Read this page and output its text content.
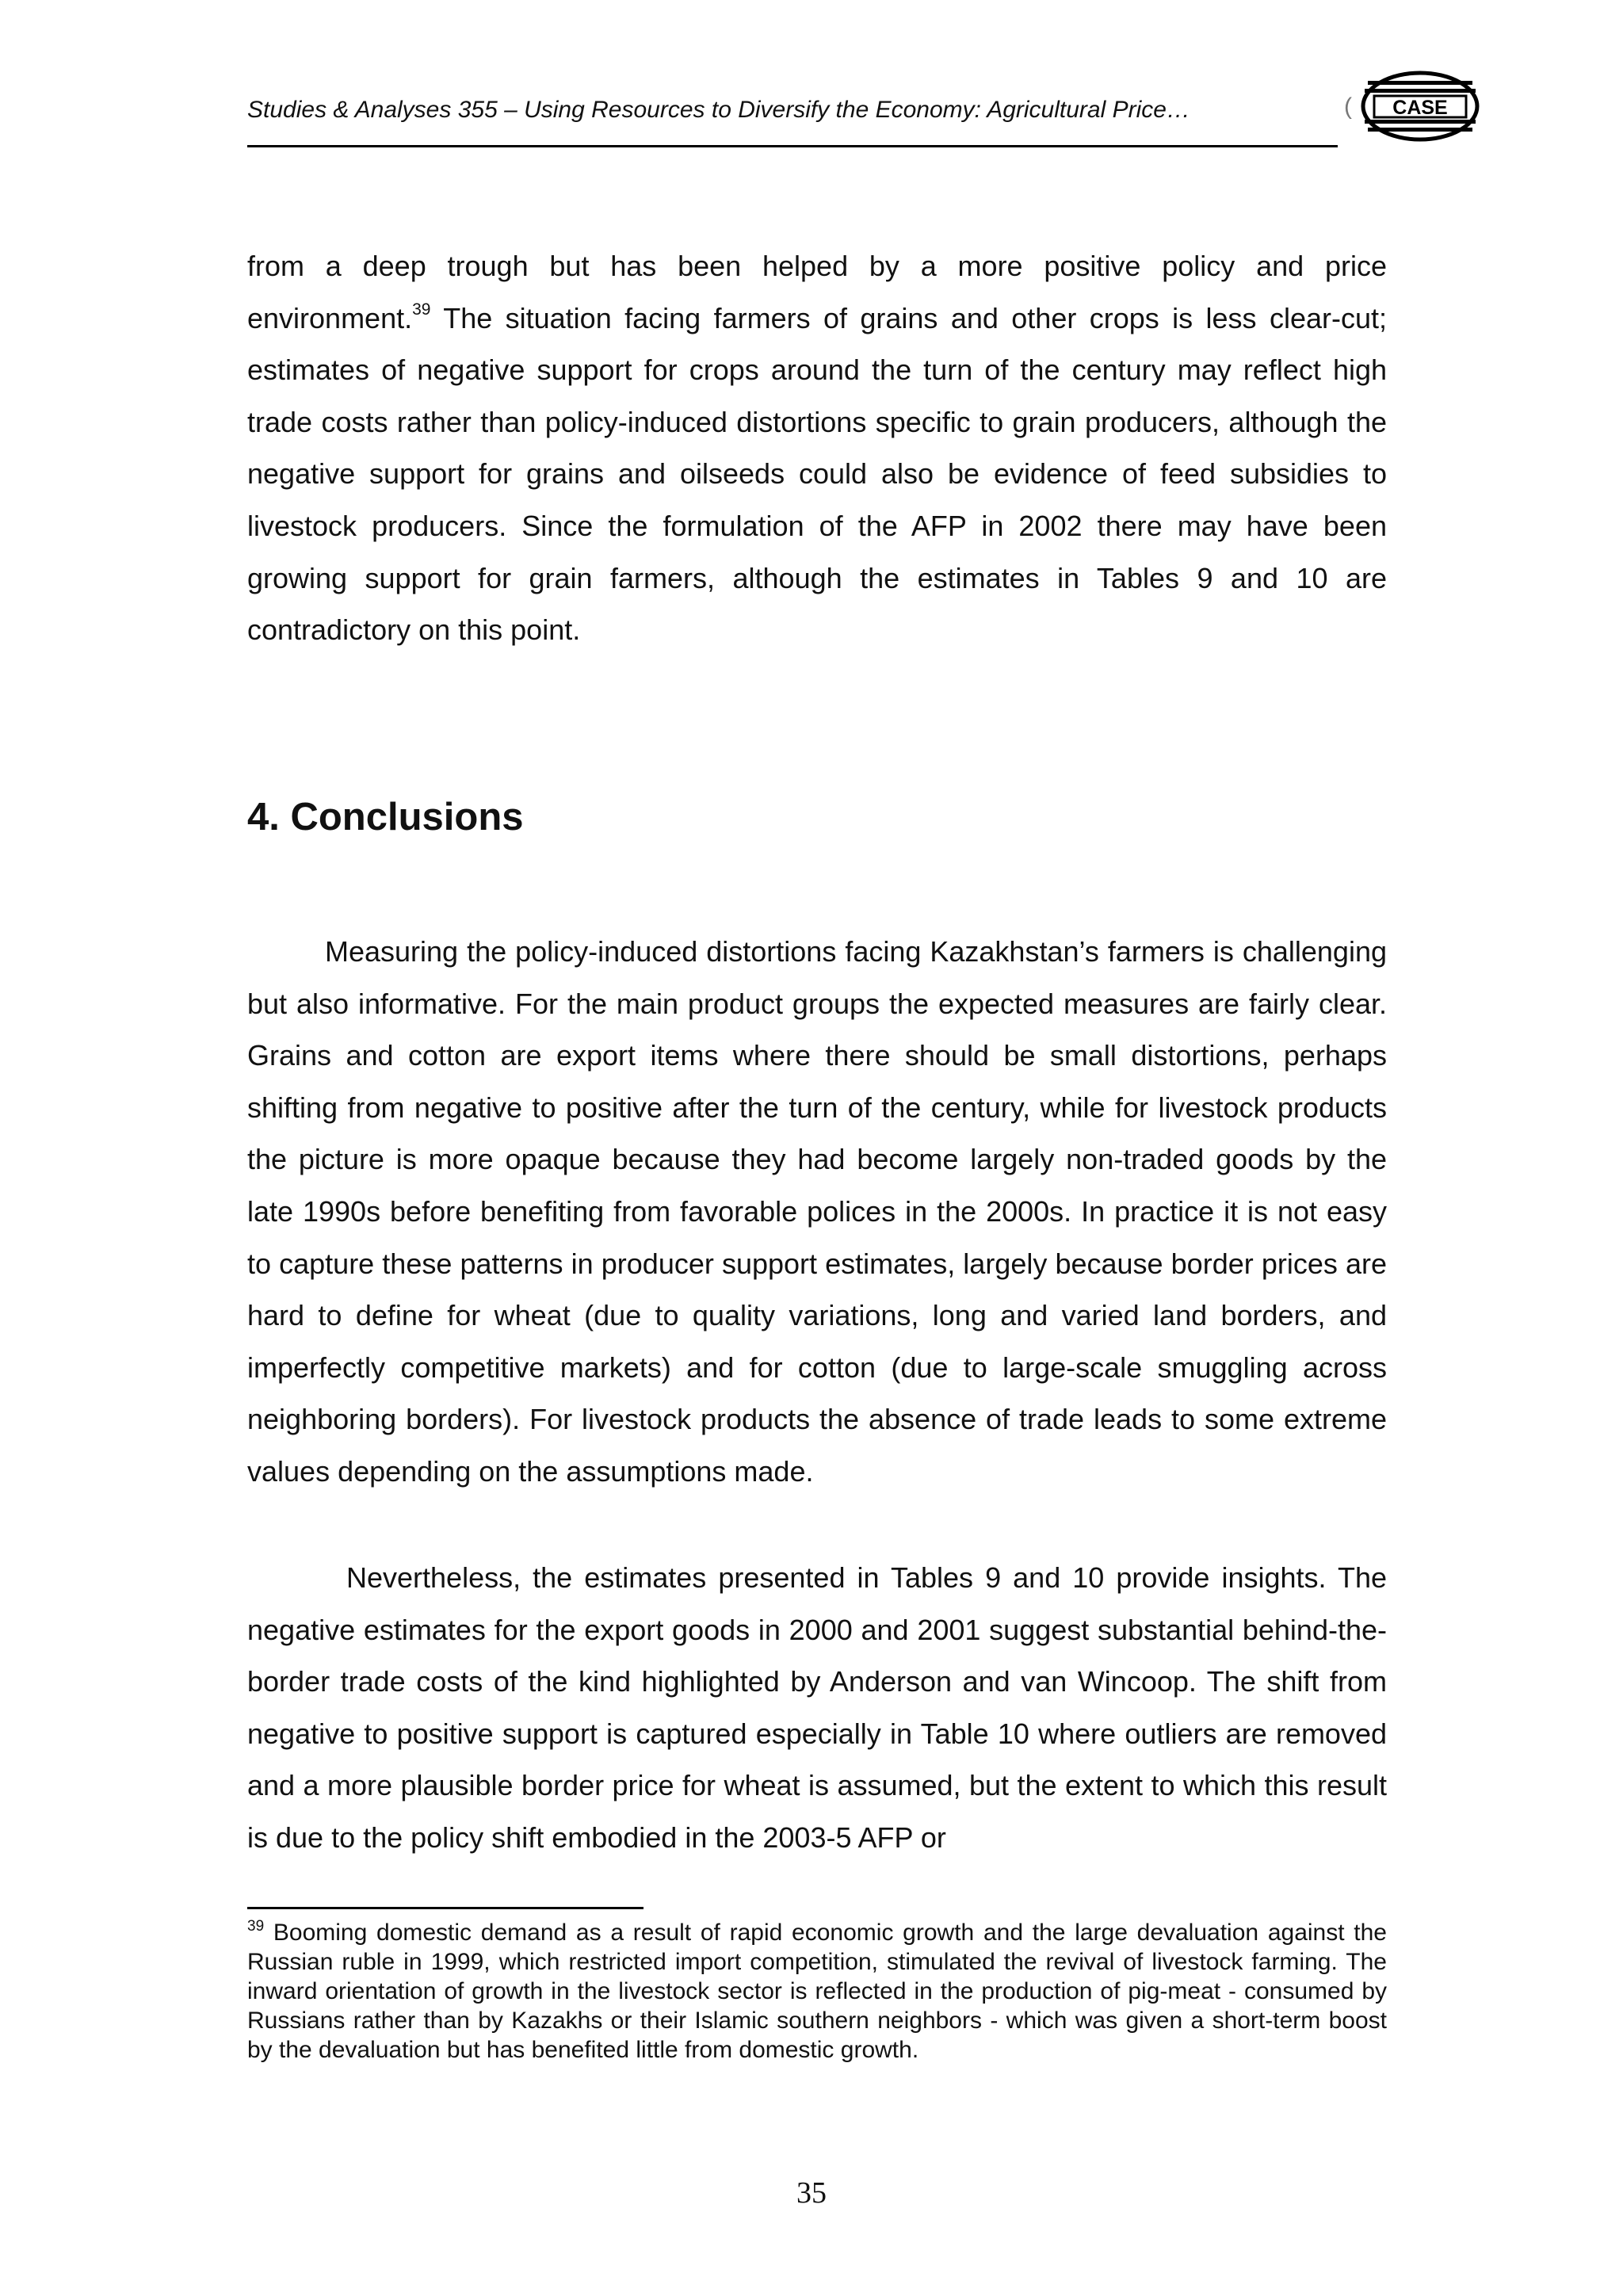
Studies & Analyses 355 – Using Resources to Diversify the Economy: Agricultural Price…	( CASE

from a deep trough but has been helped by a more positive policy and price environment.$^{39}$ The situation facing farmers of grains and other crops is less clear-cut; estimates of negative support for crops around the turn of the century may reflect high trade costs rather than policy-induced distortions specific to grain producers, although the negative support for grains and oilseeds could also be evidence of feed subsidies to livestock producers. Since the formulation of the AFP in 2002 there may have been growing support for grain farmers, although the estimates in Tables 9 and 10 are contradictory on this point.

4. Conclusions

Measuring the policy-induced distortions facing Kazakhstan’s farmers is challenging but also informative. For the main product groups the expected measures are fairly clear. Grains and cotton are export items where there should be small distortions, perhaps shifting from negative to positive after the turn of the century, while for livestock products the picture is more opaque because they had become largely non-traded goods by the late 1990s before benefiting from favorable polices in the 2000s. In practice it is not easy to capture these patterns in producer support estimates, largely because border prices are hard to define for wheat (due to quality variations, long and varied land borders, and imperfectly competitive markets) and for cotton (due to large-scale smuggling across neighboring borders). For livestock products the absence of trade leads to some extreme values depending on the assumptions made.

Nevertheless, the estimates presented in Tables 9 and 10 provide insights. The negative estimates for the export goods in 2000 and 2001 suggest substantial behind-the-border trade costs of the kind highlighted by Anderson and van Wincoop. The shift from negative to positive support is captured especially in Table 10 where outliers are removed and a more plausible border price for wheat is assumed, but the extent to which this result is due to the policy shift embodied in the 2003-5 AFP or

$^{39}$ Booming domestic demand as a result of rapid economic growth and the large devaluation against the Russian ruble in 1999, which restricted import competition, stimulated the revival of livestock farming. The inward orientation of growth in the livestock sector is reflected in the production of pig-meat - consumed by Russians rather than by Kazakhs or their Islamic southern neighbors - which was given a short-term boost by the devaluation but has benefited little from domestic growth.

35
